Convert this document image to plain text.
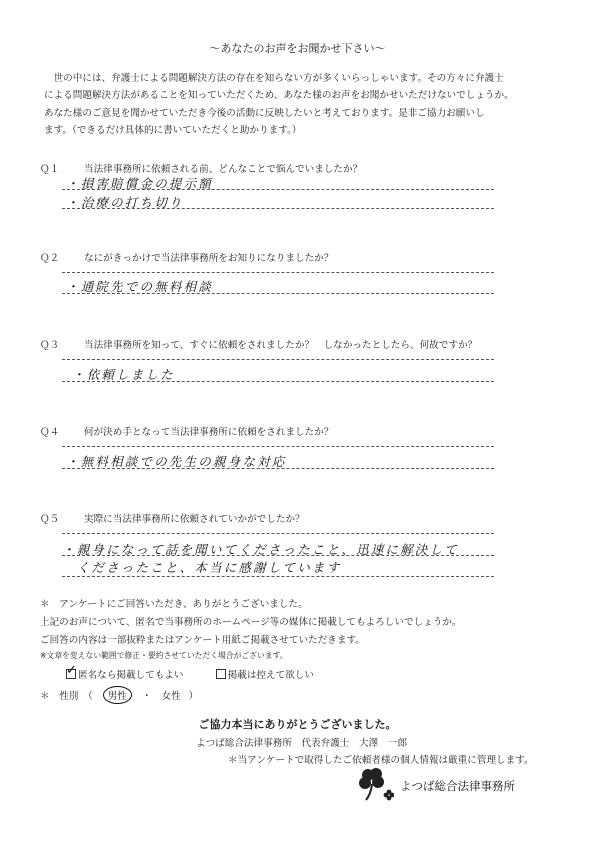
～あなたのお声をお聞かせ下さい～
　世の中には、弁護士による問題解決方法の存在を知らない方が多くいらっしゃいます。その方々に弁護士
による問題解決方法があることを知っていただくため、あなた様のお声をお聞かせいただけないでしょうか。
あなた様のご意見を聞かせていただき今後の活動に反映したいと考えております。是非ご協力お願いし
ます。（できるだけ具体的に書いていただくと助かります。）
Ｑ１	当法律事務所に依頼される前、どんなことで悩んでいましたか？
・損害賠償金の提示額
・治療の打ち切り
Ｑ２	なにがきっかけで当法律事務所をお知りになりましたか？
・通院先での無料相談
Ｑ３	当法律事務所を知って、すぐに依頼をされましたか？　しなかったとしたら、何故ですか？
・依頼しました
Ｑ４	何が決め手となって当法律事務所に依頼をされましたか？
・無料相談での先生の親身な対応
Ｑ５	実際に当法律事務所に依頼されていかがでしたか？
・親身になって話を聞いてくださったこと、迅速に解決して
　くださったこと、本当に感謝しています
＊　アンケートにご回答いただき、ありがとうございました。
上記のお声について、匿名で当事務所のホームページ等の媒体に掲載してもよろしいでしょうか。
ご回答の内容は一部抜粋またはアンケート用紙ご掲載させていただきます。
※文章を変えない範囲で修正・要約させていただく場合がございます。
✓ 匿名なら掲載してもよい	掲載は控えて欲しい
＊　性別　（ 男性 ・ 女性 ）
ご協力本当にありがとうございました。
よつば総合法律事務所　代表弁護士　大澤　一郎
＊当アンケートで取得したご依頼者様の個人情報は厳重に管理します。
よつば総合法律事務所
